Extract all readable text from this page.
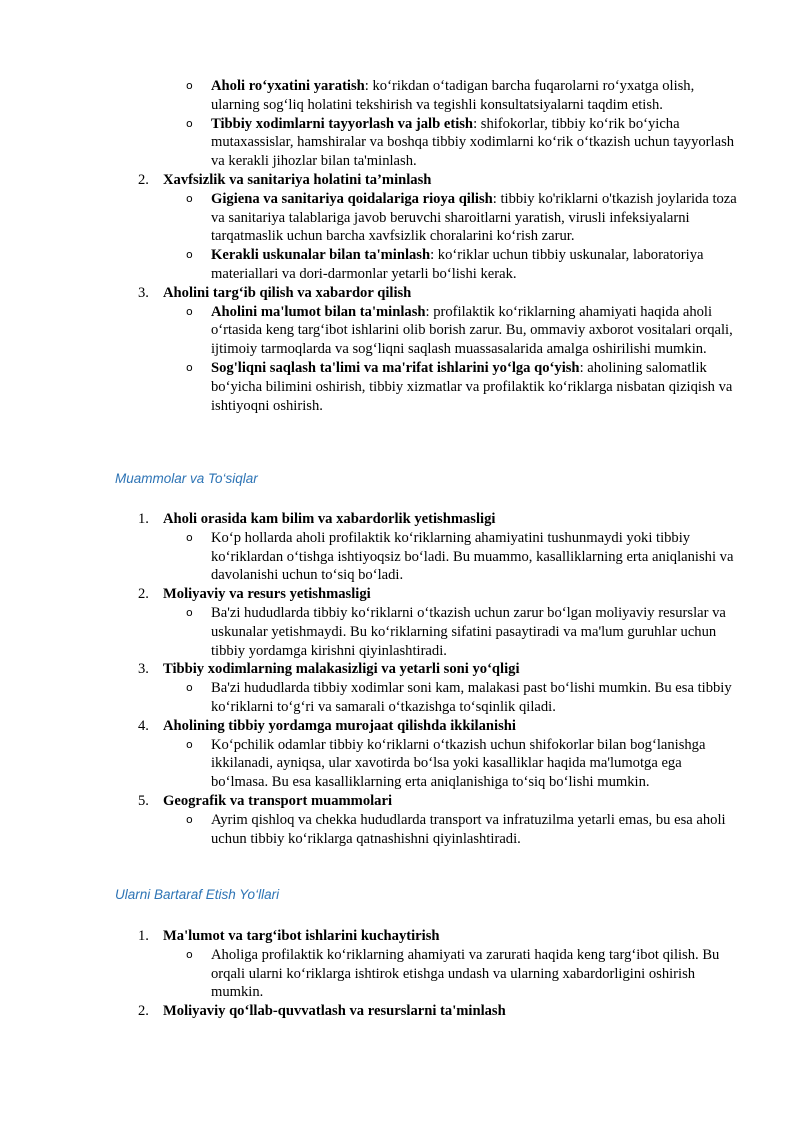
o Aholi ro‘yxatini yaratish: ko‘rikdan o‘tadigan barcha fuqarolarni ro‘yxatga olish, ularning sog‘liq holatini tekshirish va tegishli konsultatsiyalarni taqdim etish.
o Tibbiy xodimlarni tayyorlash va jalb etish: shifokorlar, tibbiy ko‘rik bo‘yicha mutaxassislar, hamshiralar va boshqa tibbiy xodimlarni ko‘rik o‘tkazish uchun tayyorlash va kerakli jihozlar bilan ta'minlash.
2. Xavfsizlik va sanitariya holatini ta’minlash
o Gigiena va sanitariya qoidalariga rioya qilish: tibbiy ko'riklarni o'tkazish joylarida toza va sanitariya talablariga javob beruvchi sharoitlarni yaratish, virusli infeksiyalarni tarqatmaslik uchun barcha xavfsizlik choralarini ko‘rish zarur.
o Kerakli uskunalar bilan ta'minlash: ko‘riklar uchun tibbiy uskunalar, laboratoriya materiallari va dori-darmonlar yetarli bo‘lishi kerak.
3. Aholini targ‘ib qilish va xabardor qilish
o Aholini ma'lumot bilan ta'minlash: profilaktik ko‘riklarning ahamiyati haqida aholi o‘rtasida keng targ‘ibot ishlarini olib borish zarur. Bu, ommaviy axborot vositalari orqali, ijtimoiy tarmoqlarda va sog‘liqni saqlash muassasalarida amalga oshirilishi mumkin.
o Sog'liqni saqlash ta'limi va ma'rifat ishlarini yo‘lga qo‘yish: aholining salomatlik bo‘yicha bilimini oshirish, tibbiy xizmatlar va profilaktik ko‘riklarga nisbatan qiziqish va ishtiyoqni oshirish.
Muammolar va To‘siqlar
1. Aholi orasida kam bilim va xabardorlik yetishmasligi
o Ko‘p hollarda aholi profilaktik ko‘riklarning ahamiyatini tushunmaydi yoki tibbiy ko‘riklardan o‘tishga ishtiyoqsiz bo‘ladi. Bu muammo, kasalliklarning erta aniqlanishi va davolanishi uchun to‘siq bo‘ladi.
2. Moliyaviy va resurs yetishmasligi
o Ba'zi hududlarda tibbiy ko‘riklarni o‘tkazish uchun zarur bo‘lgan moliyaviy resurslar va uskunalar yetishmaydi. Bu ko‘riklarning sifatini pasaytiradi va ma'lum guruhlar uchun tibbiy yordamga kirishni qiyinlashtiradi.
3. Tibbiy xodimlarning malakasizligi va yetarli soni yo‘qligi
o Ba'zi hududlarda tibbiy xodimlar soni kam, malakasi past bo‘lishi mumkin. Bu esa tibbiy ko‘riklarni to‘g‘ri va samarali o‘tkazishga to‘sqinlik qiladi.
4. Aholining tibbiy yordamga murojaat qilishda ikkilanishi
o Ko‘pchilik odamlar tibbiy ko‘riklarni o‘tkazish uchun shifokorlar bilan bog‘lanishga ikkilanadi, ayniqsa, ular xavotirda bo‘lsa yoki kasalliklar haqida ma'lumotga ega bo‘lmasa. Bu esa kasalliklarning erta aniqlanishiga to‘siq bo‘lishi mumkin.
5. Geografik va transport muammolari
o Ayrim qishloq va chekka hududlarda transport va infratuzilma yetarli emas, bu esa aholi uchun tibbiy ko‘riklarga qatnashishni qiyinlashtiradi.
Ularni Bartaraf Etish Yo‘llari
1. Ma'lumot va targ‘ibot ishlarini kuchaytirish
o Aholiga profilaktik ko‘riklarning ahamiyati va zarurati haqida keng targ‘ibot qilish. Bu orqali ularni ko‘riklarga ishtirok etishga undash va ularning xabardorligini oshirish mumkin.
2. Moliyaviy qo‘llab-quvvatlash va resurslarni ta'minlash
